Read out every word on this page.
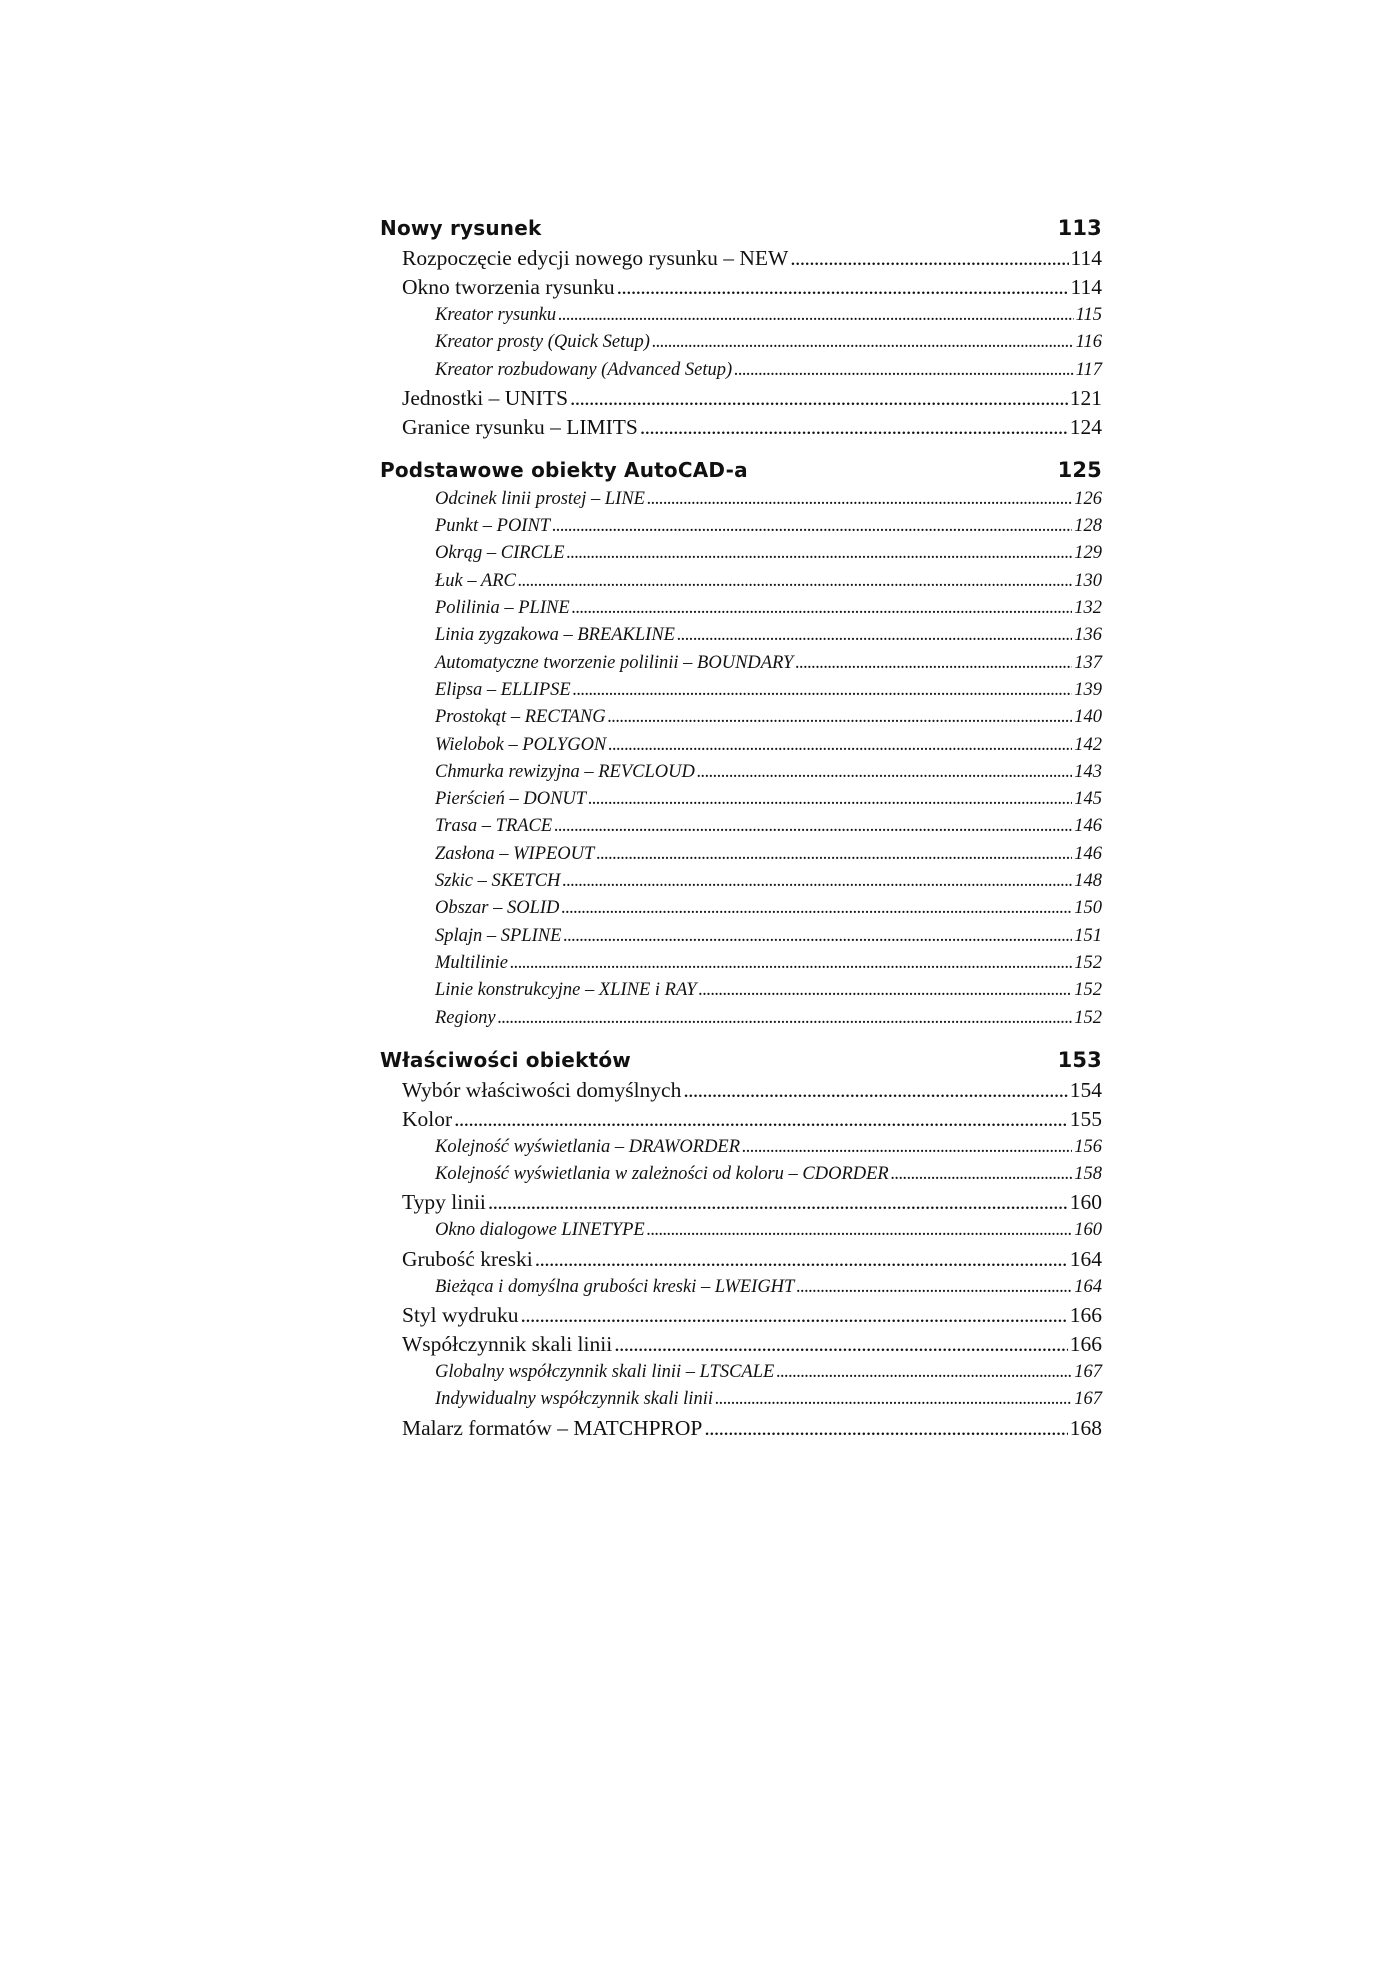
Nowy rysunek	113
Rozpoczęcie edycji nowego rysunku – NEW . . .	114
Okno tworzenia rysunku . . .	114
Kreator rysunku . . .	115
Kreator prosty (Quick Setup) . . .	116
Kreator rozbudowany (Advanced Setup) . . .	117
Jednostki – UNITS . . .	121
Granice rysunku – LIMITS . . .	124
Podstawowe obiekty AutoCAD-a	125
Odcinek linii prostej – LINE . . .	126
Punkt – POINT . . .	128
Okrąg – CIRCLE . . .	129
Łuk – ARC . . .	130
Polilinia – PLINE . . .	132
Linia zygzakowa – BREAKLINE . . .	136
Automatyczne tworzenie polilinii – BOUNDARY . . .	137
Elipsa – ELLIPSE . . .	139
Prostokąt – RECTANG . . .	140
Wielobok – POLYGON . . .	142
Chmurka rewizyjna – REVCLOUD . . .	143
Pierścień – DONUT . . .	145
Trasa – TRACE . . .	146
Zasłona – WIPEOUT . . .	146
Szkic – SKETCH . . .	148
Obszar – SOLID . . .	150
Splajn – SPLINE . . .	151
Multilinie . . .	152
Linie konstrukcyjne – XLINE i RAY . . .	152
Regiony . . .	152
Właściwości obiektów	153
Wybór właściwości domyślnych . . .	154
Kolor . . .	155
Kolejność wyświetlania – DRAWORDER . . .	156
Kolejność wyświetlania w zależności od koloru – CDORDER . . .	158
Typy linii . . .	160
Okno dialogowe LINETYPE . . .	160
Grubość kreski . . .	164
Bieżąca i domyślna grubości kreski – LWEIGHT . . .	164
Styl wydruku . . .	166
Współczynnik skali linii . . .	166
Globalny współczynnik skali linii – LTSCALE . . .	167
Indywidualny współczynnik skali linii . . .	167
Malarz formatów – MATCHPROP . . .	168
